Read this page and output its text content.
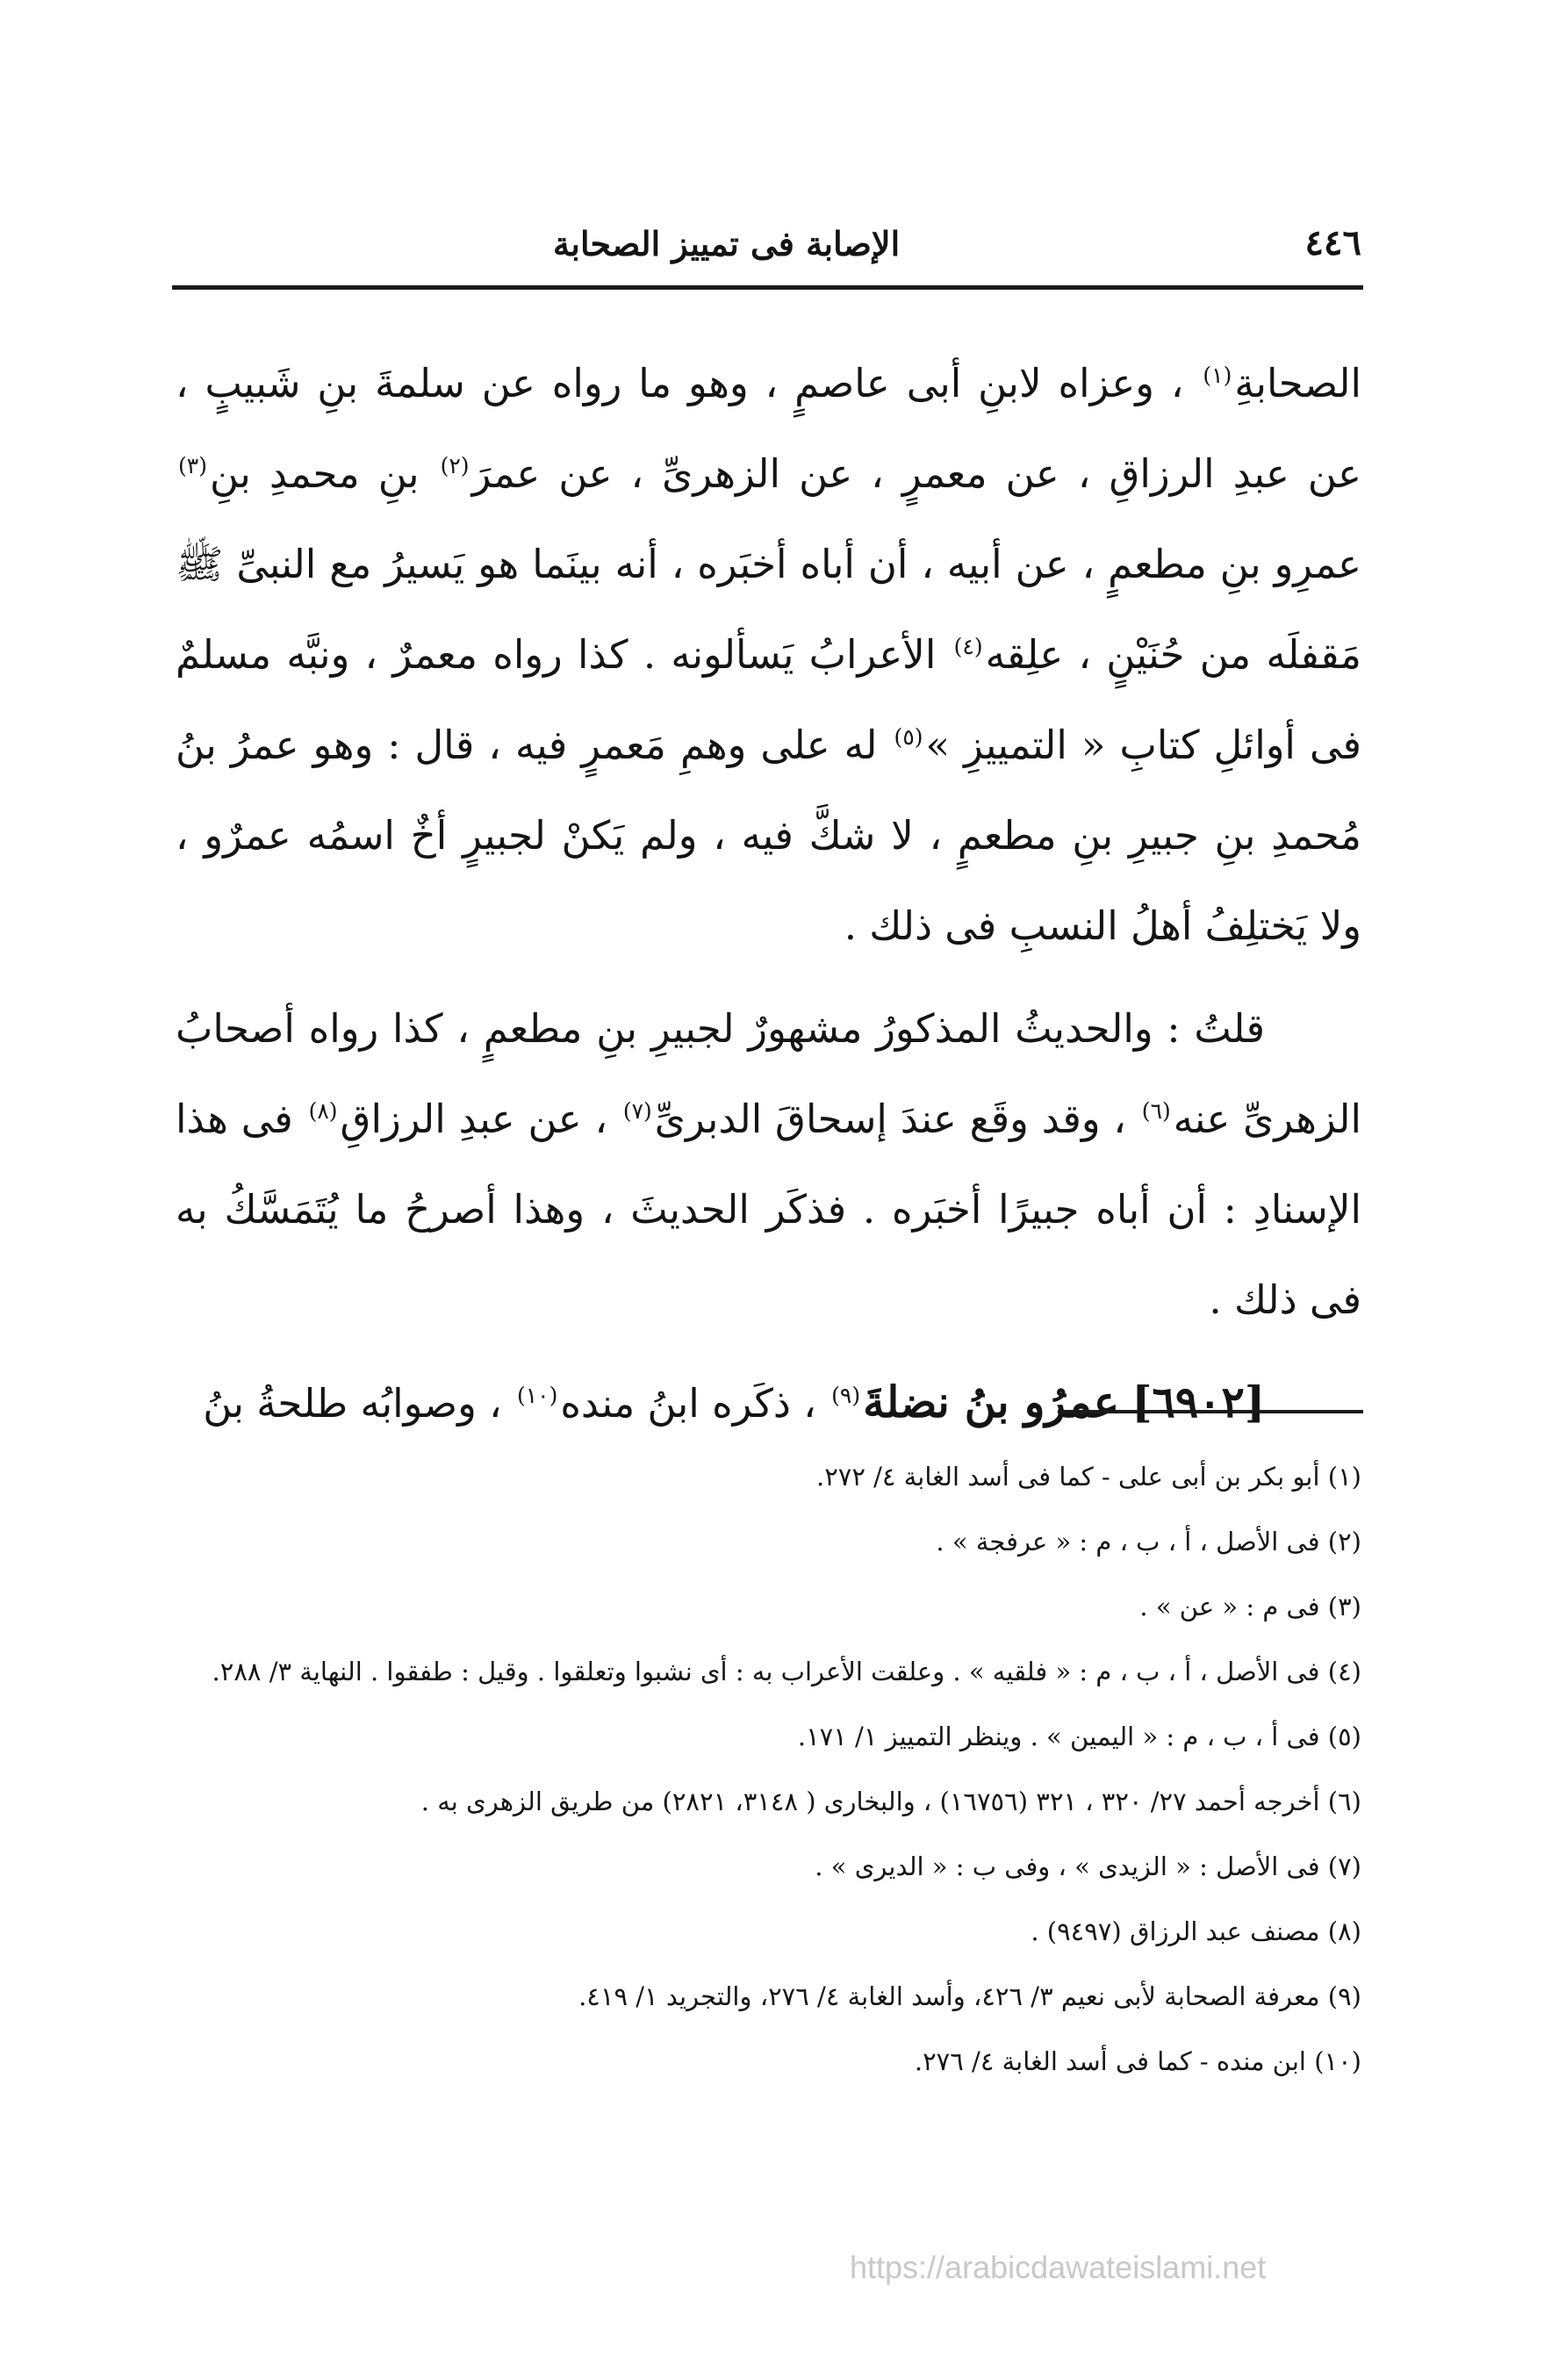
٤٤٦
الإصابة فى تمييز الصحابة

الصحابةِ$^{(١)}$ ، وعزاه لابنِ أبى عاصمٍ ، وهو ما رواه عن سلمةَ بنِ شَبيبٍ ، عن عبدِ الرزاقِ ، عن معمرٍ ، عن الزهرىِّ ، عن عمرَ$^{(٢)}$ بنِ محمدِ بنِ$^{(٣)}$ عمرِو بنِ مطعمٍ ، عن أبيه ، أن أباه أخبَره ، أنه بينَما هو يَسيرُ مع النبىِّ ﷺ مَقفلَه من حُنَيْنٍ ، علِقه$^{(٤)}$ الأعرابُ يَسألونه . كذا رواه معمرٌ ، ونبَّه مسلمٌ فى أوائلِ كتابِ « التمييزِ »$^{(٥)}$ له على وهمِ مَعمرٍ فيه ، قال : وهو عمرُ بنُ مُحمدِ بنِ جبيرِ بنِ مطعمٍ ، لا شكَّ فيه ، ولم يَكنْ لجبيرٍ أخٌ اسمُه عمرٌو ، ولا يَختلِفُ أهلُ النسبِ فى ذلك .

قلتُ : والحديثُ المذكورُ مشهورٌ لجبيرِ بنِ مطعمٍ ، كذا رواه أصحابُ الزهرىِّ عنه$^{(٦)}$ ، وقد وقَع عندَ إسحاقَ الدبرىِّ$^{(٧)}$ ، عن عبدِ الرزاقِ$^{(٨)}$ فى هذا الإسنادِ : أن أباه جبيرًا أخبَره . فذكَر الحديثَ ، وهذا أصرحُ ما يُتَمَسَّكُ به فى ذلك .

[٦٩٠٢] عمرُو بنُ نضلةَ$^{(٩)}$ ، ذكَره ابنُ منده$^{(١٠)}$ ، وصوابُه طلحةُ بنُ

(١) أبو بكر بن أبى على - كما فى أسد الغابة ٤/ ٢٧٢.
(٢) فى الأصل ، أ ، ب ، م : « عرفجة » .
(٣) فى م : « عن » .
(٤) فى الأصل ، أ ، ب ، م : « فلقيه » . وعلقت الأعراب به : أى نشبوا وتعلقوا . وقيل : طفقوا . النهاية ٣/ ٢٨٨.
(٥) فى أ ، ب ، م : « اليمين » . وينظر التمييز ١/ ١٧١.
(٦) أخرجه أحمد ٢٧/ ٣٢٠ ، ٣٢١ (١٦٧٥٦) ، والبخارى ( ٣١٤٨، ٢٨٢١) من طريق الزهرى به .
(٧) فى الأصل : « الزيدى » ، وفى ب : « الديرى » .
(٨) مصنف عبد الرزاق (٩٤٩٧) .
(٩) معرفة الصحابة لأبى نعيم ٣/ ٤٢٦، وأسد الغابة ٤/ ٢٧٦، والتجريد ١/ ٤١٩.
(١٠) ابن منده - كما فى أسد الغابة ٤/ ٢٧٦.
https://arabicdawateislami.net
